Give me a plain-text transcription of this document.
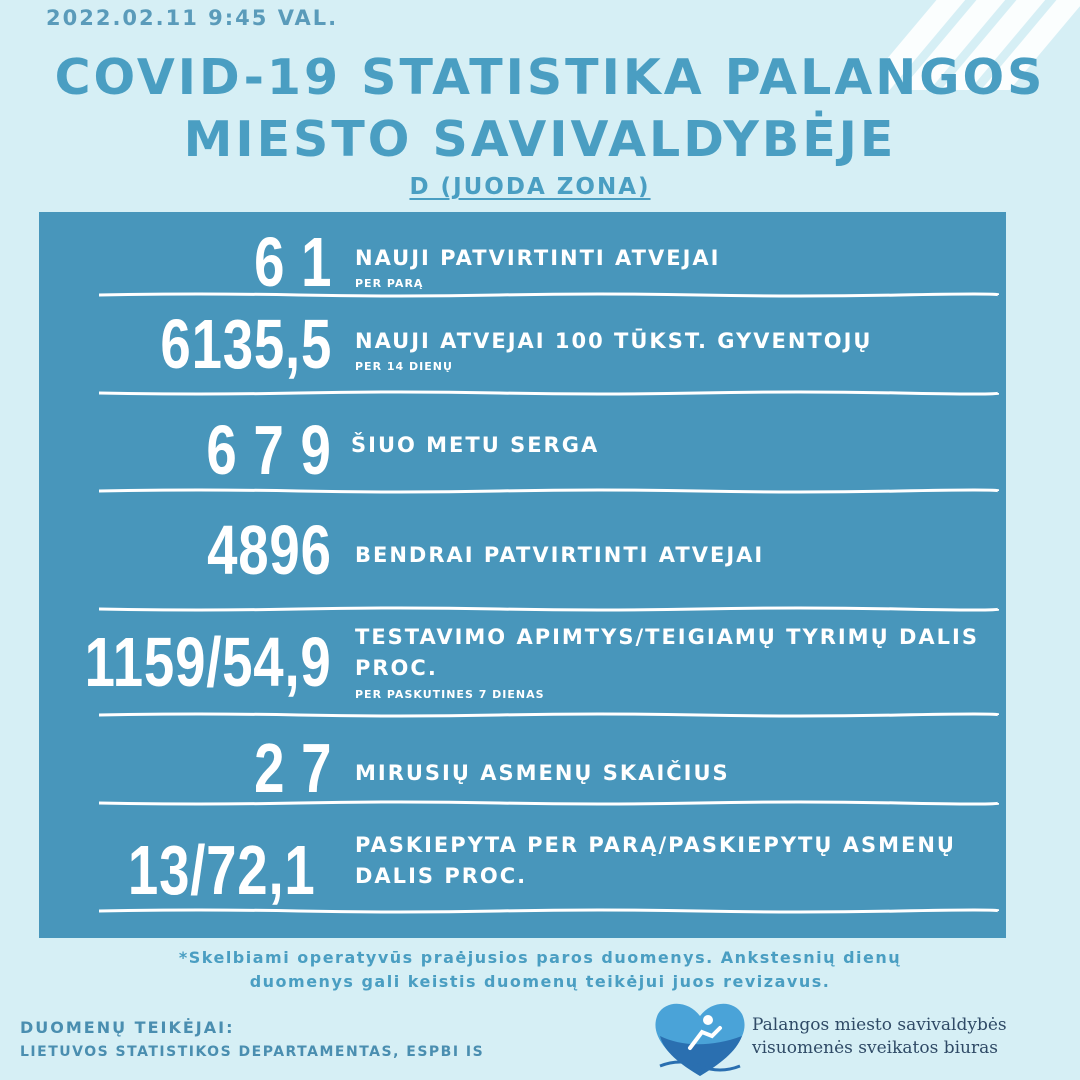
2022.02.11 9:45 VAL.
COVID-19 STATISTIKA PALANGOS
MIESTO SAVIVALDYBĖJE
D (JUODA ZONA)
6 1 NAUJI PATVIRTINTI ATVEJAI
PER PARĄ
6135,5 NAUJI ATVEJAI 100 TŪKST. GYVENTOJŲ
PER 14 DIENŲ
6 7 9 ŠIUO METU SERGA
4896 BENDRAI PATVIRTINTI ATVEJAI
1159/54,9 TESTAVIMO APIMTYS/TEIGIAMŲ TYRIMŲ DALIS PROC.
PER PASKUTINES 7 DIENAS
2 7 MIRUSIŲ ASMENŲ SKAIČIUS
13/72,1 PASKIEPYTA PER PARĄ/PASKIEPYTŲ ASMENŲ DALIS PROC.
*Skelbiami operatyvūs praėjusios paros duomenys. Ankstesnių dienų
duomenys gali keistis duomenų teikėjui juos revizavus.
DUOMENŲ TEIKĖJAI:
LIETUVOS STATISTIKOS DEPARTAMENTAS, ESPBI IS
Palangos miesto savivaldybės
visuomenės sveikatos biuras
